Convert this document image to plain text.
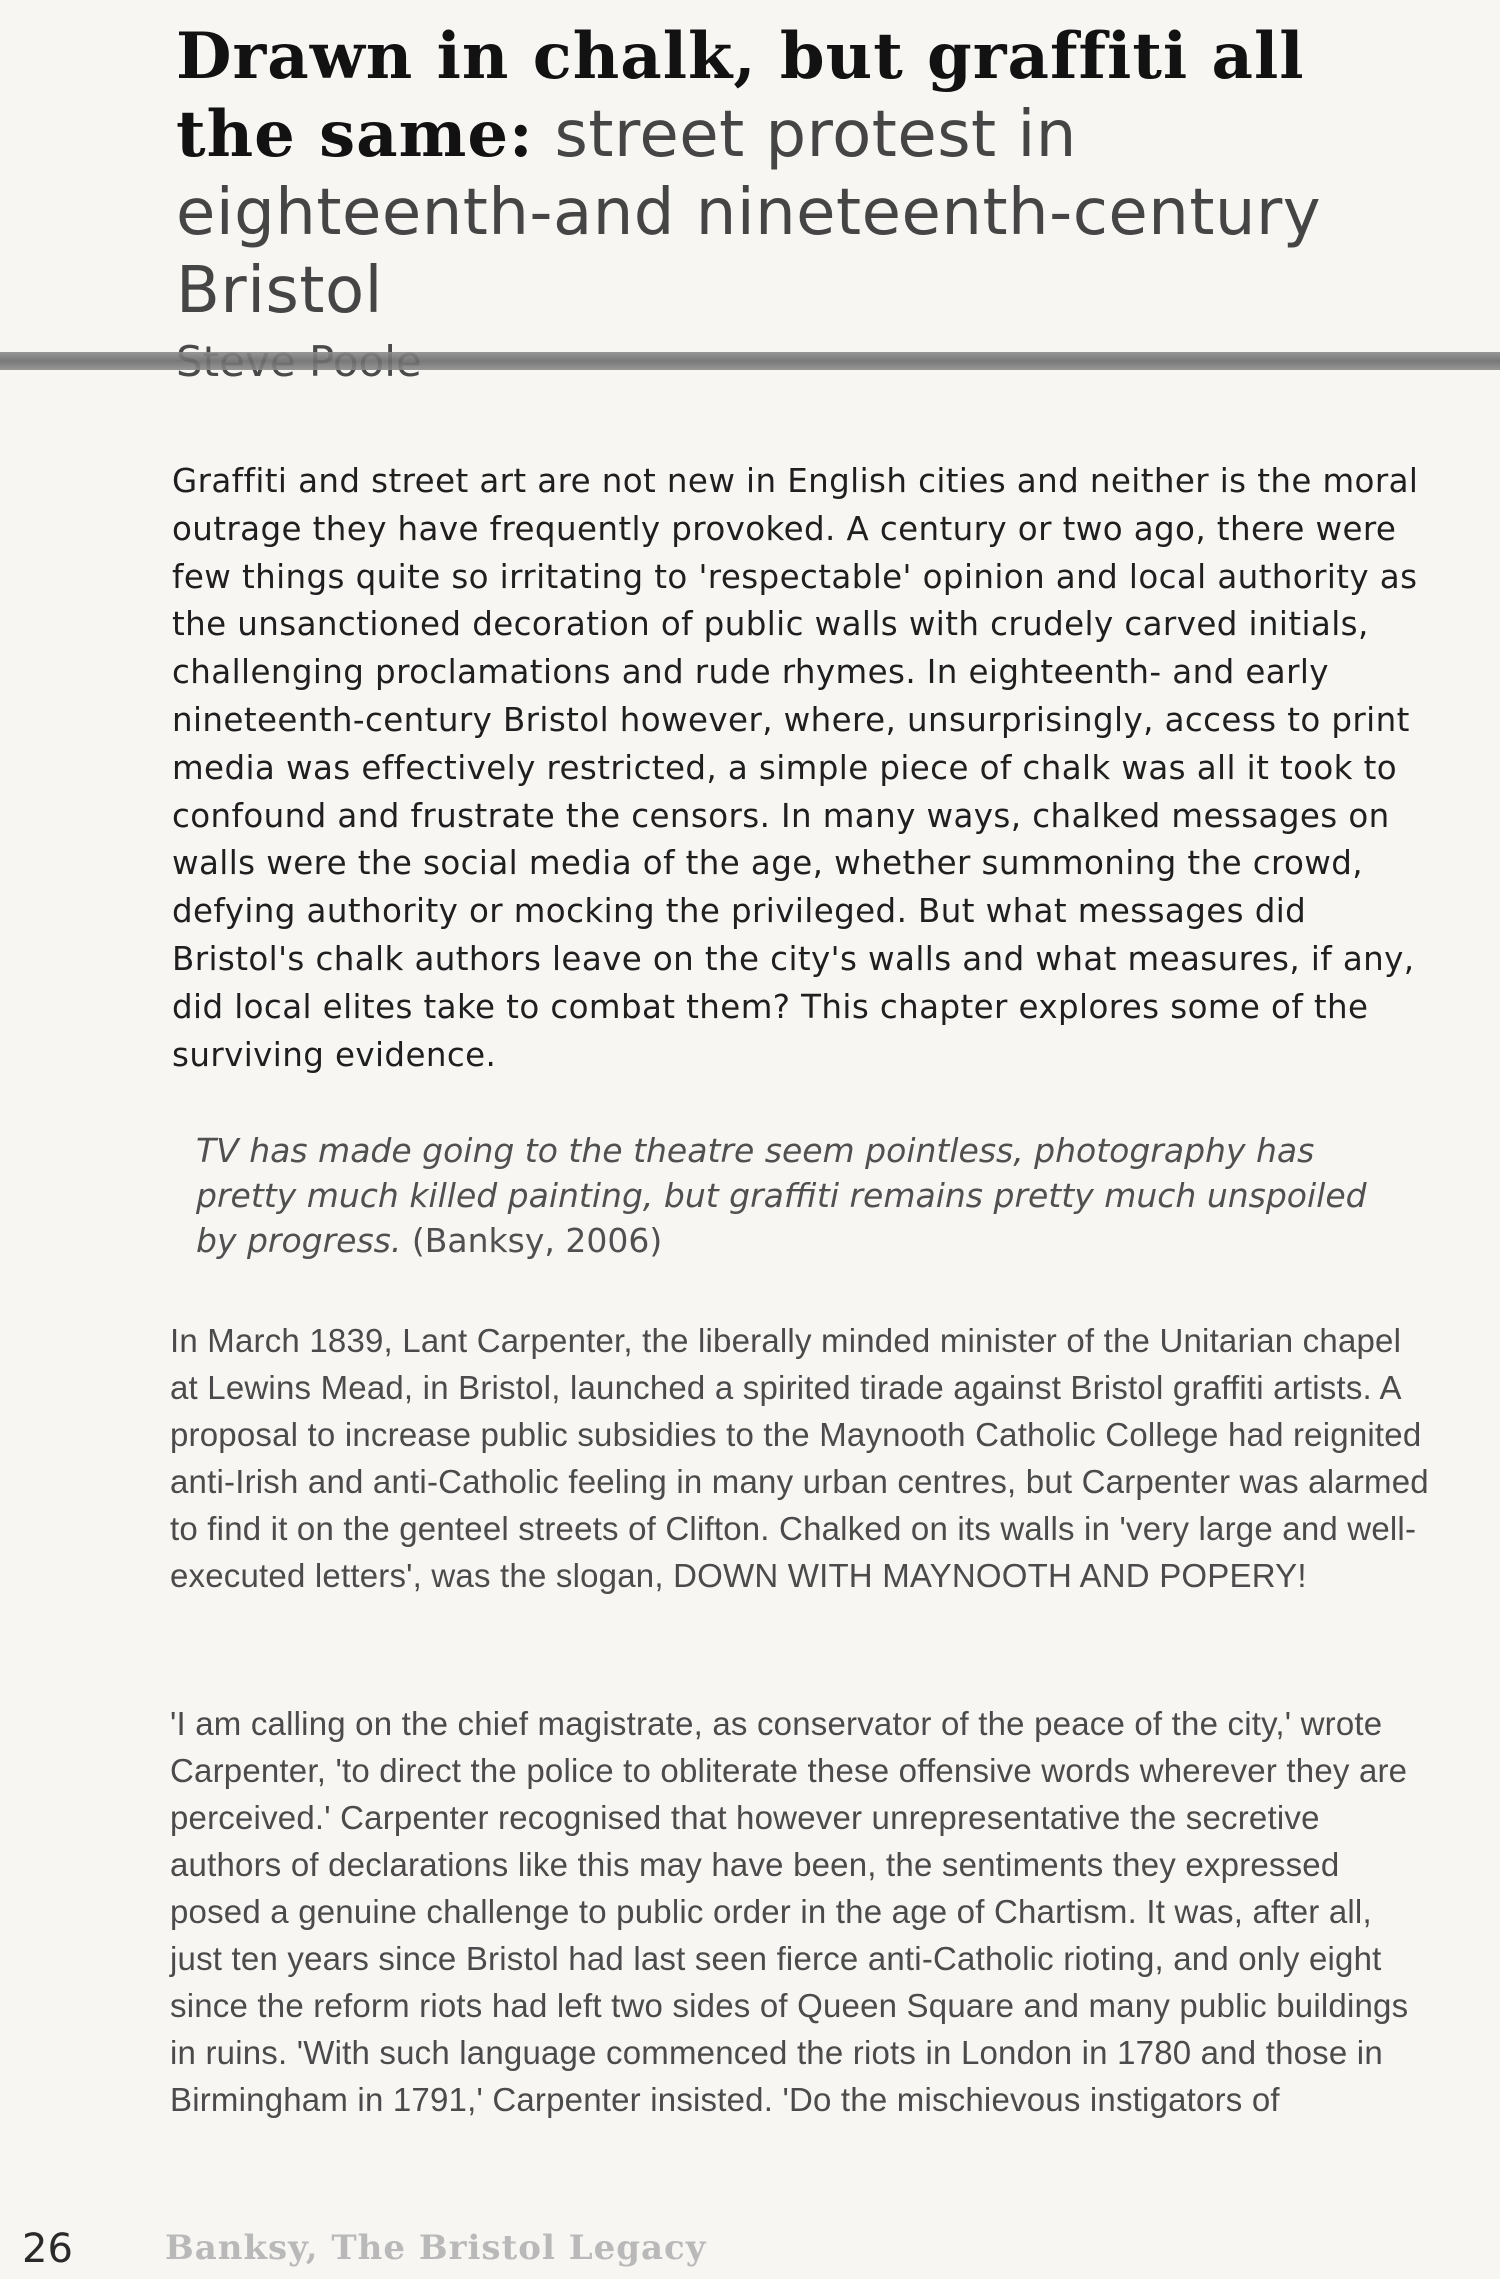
Drawn in chalk, but graffiti all the same: street protest in eighteenth-and nineteenth-century Bristol

Graffiti and street art are not new in English cities and neither is the moral outrage they have frequently provoked. A century or two ago, there were few things quite so irritating to 'respectable' opinion and local authority as the unsanctioned decoration of public walls with crudely carved initials, challenging proclamations and rude rhymes. In eighteenth- and early nineteenth-century Bristol however, where, unsurprisingly, access to print media was effectively restricted, a simple piece of chalk was all it took to confound and frustrate the censors. In many ways, chalked messages on walls were the social media of the age, whether summoning the crowd, defying authority or mocking the privileged. But what messages did Bristol's chalk authors leave on the city's walls and what measures, if any, did local elites take to combat them? This chapter explores some of the surviving evidence.

TV has made going to the theatre seem pointless, photography has pretty much killed painting, but graffiti remains pretty much unspoiled by progress. (Banksy, 2006)

In March 1839, Lant Carpenter, the liberally minded minister of the Unitarian chapel at Lewins Mead, in Bristol, launched a spirited tirade against Bristol graffiti artists. A proposal to increase public subsidies to the Maynooth Catholic College had reignited anti-Irish and anti-Catholic feeling in many urban centres, but Carpenter was alarmed to find it on the genteel streets of Clifton. Chalked on its walls in 'very large and well-executed letters', was the slogan, DOWN WITH MAYNOOTH AND POPERY!

'I am calling on the chief magistrate, as conservator of the peace of the city,' wrote Carpenter, 'to direct the police to obliterate these offensive words wherever they are perceived.' Carpenter recognised that however unrepresentative the secretive authors of declarations like this may have been, the sentiments they expressed posed a genuine challenge to public order in the age of Chartism. It was, after all, just ten years since Bristol had last seen fierce anti-Catholic rioting, and only eight since the reform riots had left two sides of Queen Square and many public buildings in ruins. 'With such language commenced the riots in London in 1780 and those in Birmingham in 1791,' Carpenter insisted. 'Do the mischievous instigators of

26	Banksy, The Bristol Legacy
